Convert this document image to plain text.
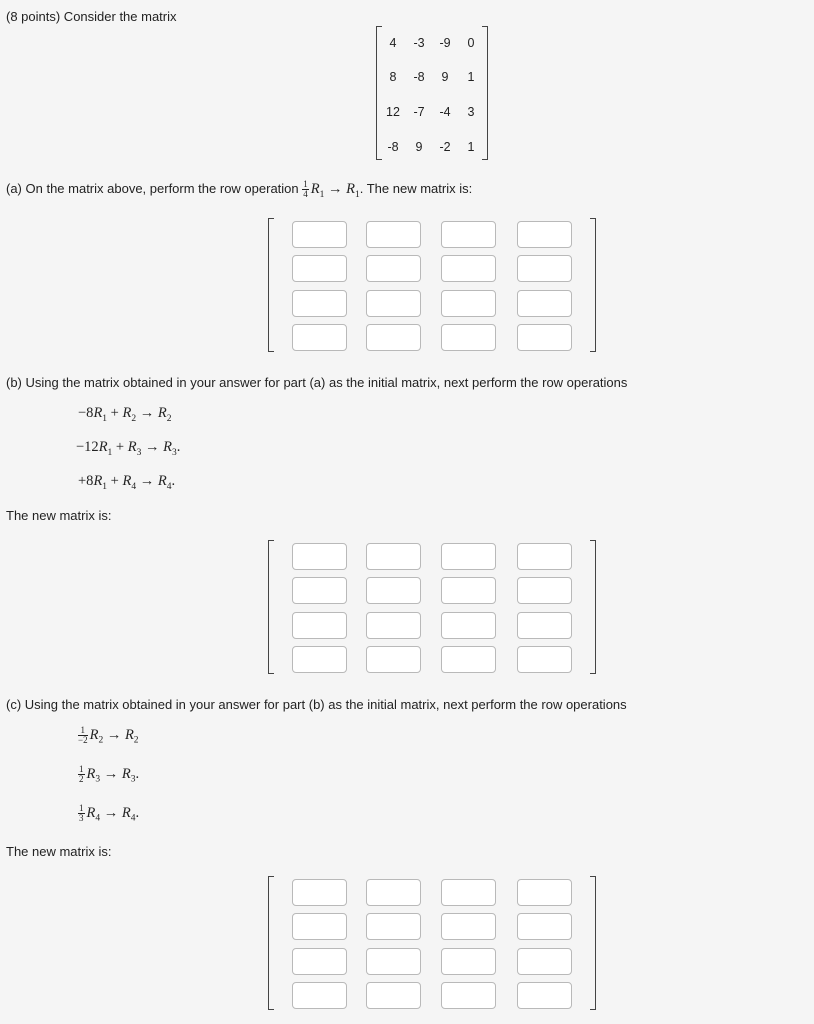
(8 points) Consider the matrix
4 -3 -9 0
8 -8 9 1
12 -7 -4 3
-8 9 -2 1
(a) On the matrix above, perform the row operation $\frac{1}{4} R_1 \to R_1$. The new matrix is:
(b) Using the matrix obtained in your answer for part (a) as the initial matrix, next perform the row operations
$-8R_1 + R_2 \to R_2$
$-12R_1 + R_3 \to R_3$.
$+8R_1 + R_4 \to R_4$.
The new matrix is:
(c) Using the matrix obtained in your answer for part (b) as the initial matrix, next perform the row operations
$\frac{1}{-2} R_2 \to R_2$
$\frac{1}{2} R_3 \to R_3$.
$\frac{1}{3} R_4 \to R_4$.
The new matrix is:
